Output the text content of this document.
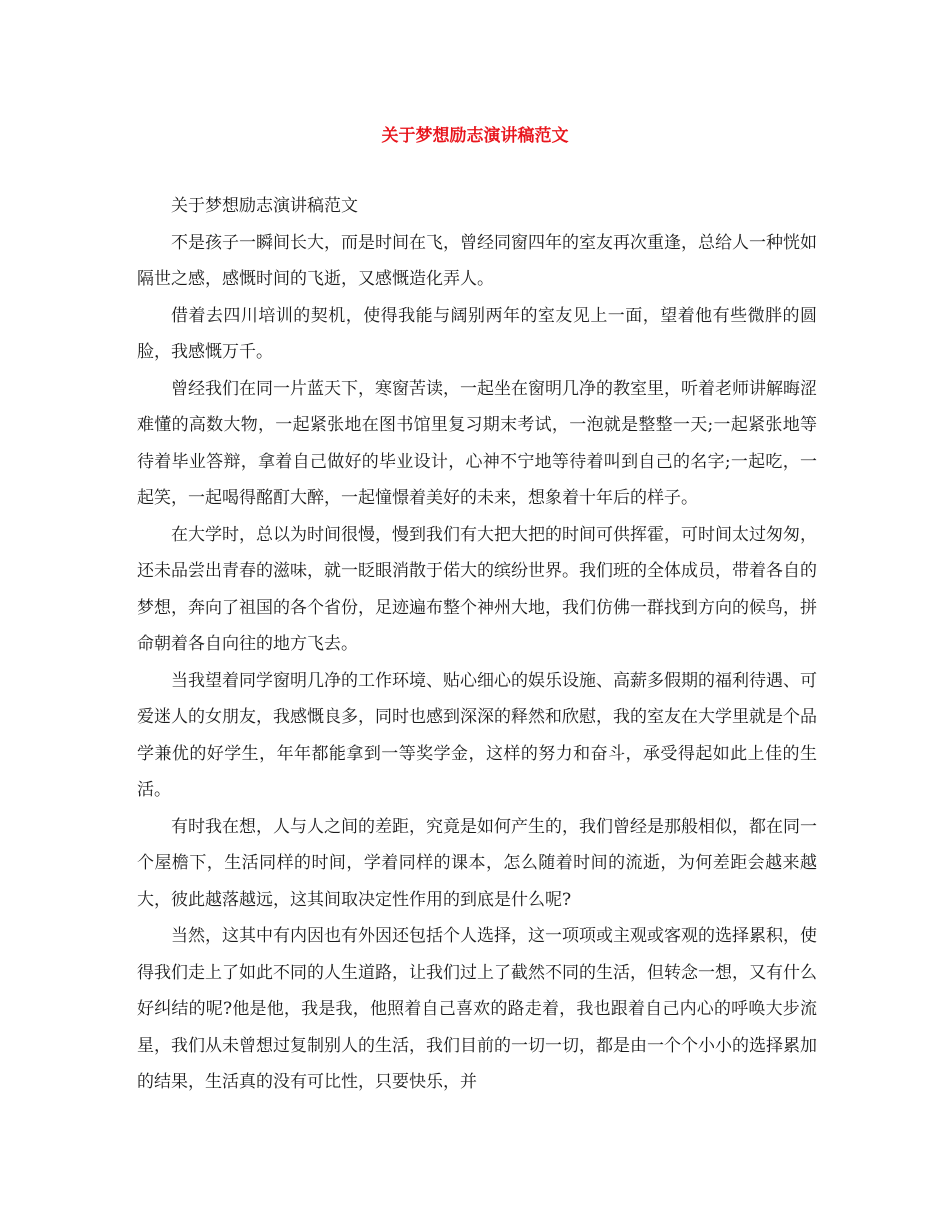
关于梦想励志演讲稿范文

关于梦想励志演讲稿范文

不是孩子一瞬间长大，而是时间在飞，曾经同窗四年的室友再次重逢，总给人一种恍如隔世之感，感慨时间的飞逝，又感慨造化弄人。

借着去四川培训的契机，使得我能与阔别两年的室友见上一面，望着他有些微胖的圆脸，我感慨万千。

曾经我们在同一片蓝天下，寒窗苦读，一起坐在窗明几净的教室里，听着老师讲解晦涩难懂的高数大物，一起紧张地在图书馆里复习期末考试，一泡就是整整一天;一起紧张地等待着毕业答辩，拿着自己做好的毕业设计，心神不宁地等待着叫到自己的名字;一起吃，一起笑，一起喝得酩酊大醉，一起憧憬着美好的未来，想象着十年后的样子。

在大学时，总以为时间很慢，慢到我们有大把大把的时间可供挥霍，可时间太过匆匆，还未品尝出青春的滋味，就一眨眼消散于偌大的缤纷世界。我们班的全体成员，带着各自的梦想，奔向了祖国的各个省份，足迹遍布整个神州大地，我们仿佛一群找到方向的候鸟，拼命朝着各自向往的地方飞去。

当我望着同学窗明几净的工作环境、贴心细心的娱乐设施、高薪多假期的福利待遇、可爱迷人的女朋友，我感慨良多，同时也感到深深的释然和欣慰，我的室友在大学里就是个品学兼优的好学生，年年都能拿到一等奖学金，这样的努力和奋斗，承受得起如此上佳的生活。

有时我在想，人与人之间的差距，究竟是如何产生的，我们曾经是那般相似，都在同一个屋檐下，生活同样的时间，学着同样的课本，怎么随着时间的流逝，为何差距会越来越大，彼此越落越远，这其间取决定性作用的到底是什么呢?

当然，这其中有内因也有外因还包括个人选择，这一项项或主观或客观的选择累积，使得我们走上了如此不同的人生道路，让我们过上了截然不同的生活，但转念一想，又有什么好纠结的呢?他是他，我是我，他照着自己喜欢的路走着，我也跟着自己内心的呼唤大步流星，我们从未曾想过复制别人的生活，我们目前的一切一切，都是由一个个小小的选择累加的结果，生活真的没有可比性，只要快乐，并
